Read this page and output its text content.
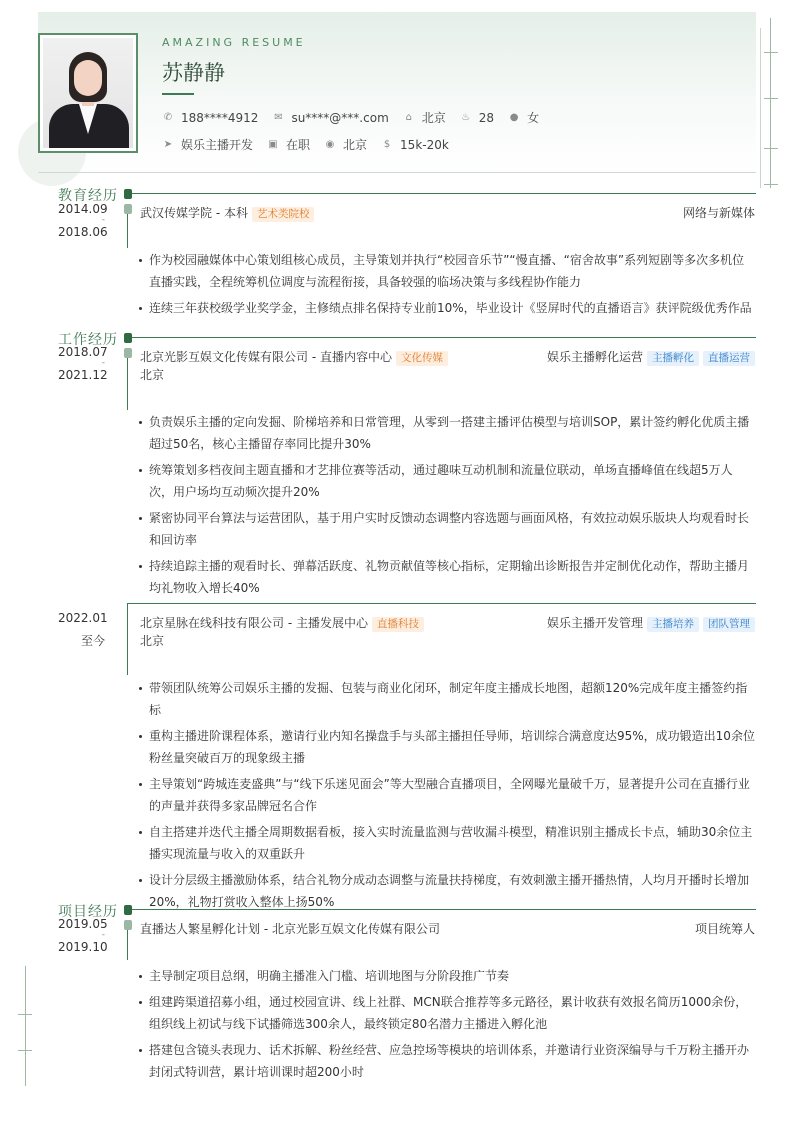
AMAZING RESUME
苏静静
✆ 188****4912 ✉ su****@***.com ⌂ 北京 ♨ 28 ● 女
➤ 娱乐主播开发 ▣ 在职 ◉ 北京 $ 15k-20k
教育经历
2014.09
-
2018.06
武汉传媒学院 - 本科 艺术类院校	网络与新媒体
作为校园融媒体中心策划组核心成员，主导策划并执行“校园音乐节”“慢直播、“宿舍故事”系列短剧等多次多机位直播实践，全程统筹机位调度与流程衔接，具备较强的临场决策与多线程协作能力
连续三年获校级学业奖学金，主修绩点排名保持专业前10%，毕业设计《竖屏时代的直播语言》获评院级优秀作品
工作经历
2018.07
-
2021.12
北京光影互娱文化传媒有限公司 - 直播内容中心 文化传媒	娱乐主播孵化运营 主播孵化 直播运营
北京
负责娱乐主播的定向发掘、阶梯培养和日常管理，从零到一搭建主播评估模型与培训SOP，累计签约孵化优质主播超过50名，核心主播留存率同比提升30%
统筹策划多档夜间主题直播和才艺排位赛等活动，通过趣味互动机制和流量位联动，单场直播峰值在线超5万人次，用户场均互动频次提升20%
紧密协同平台算法与运营团队，基于用户实时反馈动态调整内容选题与画面风格，有效拉动娱乐版块人均观看时长和回访率
持续追踪主播的观看时长、弹幕活跃度、礼物贡献值等核心指标，定期输出诊断报告并定制优化动作，帮助主播月均礼物收入增长40%
2022.01

至今
北京星脉在线科技有限公司 - 主播发展中心 直播科技	娱乐主播开发管理 主播培养 团队管理
北京
带领团队统筹公司娱乐主播的发掘、包装与商业化闭环，制定年度主播成长地图，超额120%完成年度主播签约指标
重构主播进阶课程体系，邀请行业内知名操盘手与头部主播担任导师，培训综合满意度达95%，成功锻造出10余位粉丝量突破百万的现象级主播
主导策划“跨城连麦盛典”与“线下乐迷见面会”等大型融合直播项目，全网曝光量破千万，显著提升公司在直播行业的声量并获得多家品牌冠名合作
自主搭建并迭代主播全周期数据看板，接入实时流量监测与营收漏斗模型，精准识别主播成长卡点，辅助30余位主播实现流量与收入的双重跃升
设计分层级主播激励体系，结合礼物分成动态调整与流量扶持梯度，有效刺激主播开播热情，人均月开播时长增加20%，礼物打赏收入整体上扬50%
项目经历
2019.05
-
2019.10
直播达人繁星孵化计划 - 北京光影互娱文化传媒有限公司	项目统筹人
主导制定项目总纲，明确主播准入门槛、培训地图与分阶段推广节奏
组建跨渠道招募小组，通过校园宣讲、线上社群、MCN联合推荐等多元路径，累计收获有效报名简历1000余份，组织线上初试与线下试播筛选300余人，最终锁定80名潜力主播进入孵化池
搭建包含镜头表现力、话术拆解、粉丝经营、应急控场等模块的培训体系，并邀请行业资深编导与千万粉主播开办封闭式特训营，累计培训课时超200小时
